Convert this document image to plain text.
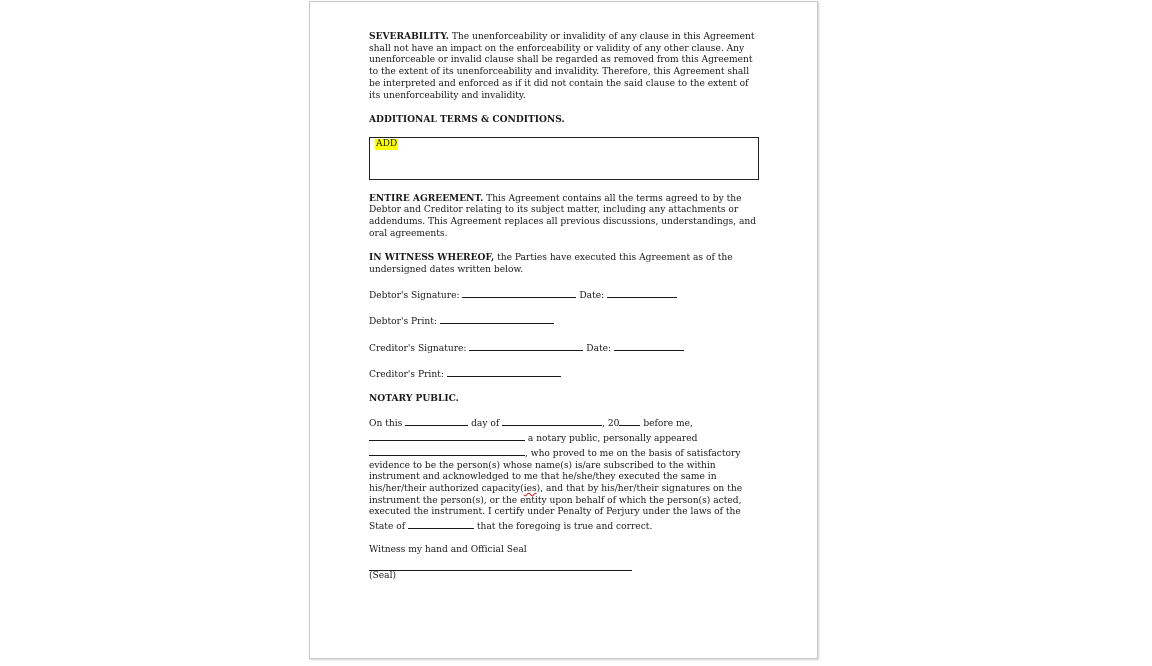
SEVERABILITY. The unenforceability or invalidity of any clause in this Agreement shall not have an impact on the enforceability or validity of any other clause. Any unenforceable or invalid clause shall be regarded as removed from this Agreement to the extent of its unenforceability and invalidity. Therefore, this Agreement shall be interpreted and enforced as if it did not contain the said clause to the extent of its unenforceability and invalidity.

ADDITIONAL TERMS & CONDITIONS.

ADD

ENTIRE AGREEMENT. This Agreement contains all the terms agreed to by the Debtor and Creditor relating to its subject matter, including any attachments or addendums. This Agreement replaces all previous discussions, understandings, and oral agreements.

IN WITNESS WHEREOF, the Parties have executed this Agreement as of the undersigned dates written below.

Debtor's Signature:	Date:

Debtor's Print:

Creditor's Signature:	Date:

Creditor's Print:

NOTARY PUBLIC.

On this	day of	, 20 before me,
a notary public, personally appeared
, who proved to me on the basis of satisfactory evidence to be the person(s) whose name(s) is/are subscribed to the within instrument and acknowledged to me that he/she/they executed the same in his/her/their authorized capacity(ies), and that by his/her/their signatures on the instrument the person(s), or the entity upon behalf of which the person(s) acted, executed the instrument. I certify under Penalty of Perjury under the laws of the State of	that the foregoing is true and correct.

Witness my hand and Official Seal

(Seal)
